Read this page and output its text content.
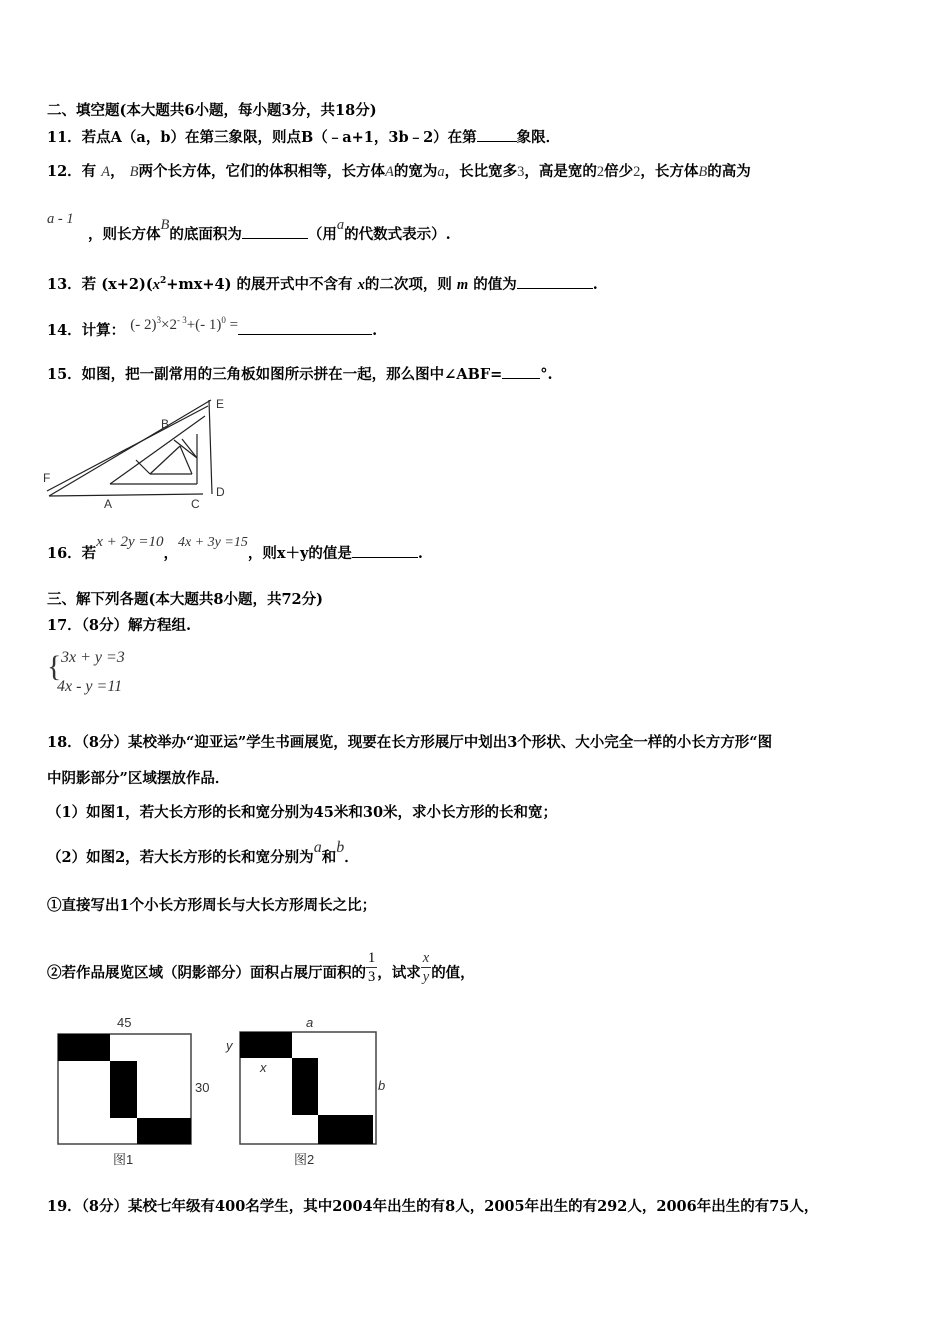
二、填空题(本大题共6小题，每小题3分，共18分)
11．若点A（a，b）在第三象限，则点B（﹣a+1，3b﹣2）在第	象限．
12．有 A， B两个长方体，它们的体积相等，长方体A的宽为a，长比宽多3，高是宽的2倍少2，长方体B的高为
a - 1
，则长方体B的底面积为	（用a的代数式表示）.
13．若 $(x+2)(x^2+mx+4)$ 的展开式中不含有 x的二次项，则 m 的值为	.
14．计算： (- $2)^3\times 2^{- 3}+(-$ 1)$^0$ =	.
15．如图，把一副常用的三角板如图所示拼在一起，那么图中∠ABF=	°.
E
B
F
A	C
D
16．若x + 2y =10，4x + 3y =15，则x＋y的值是	.
三、解下列各题(本大题共8小题，共72分)
17．（8分）解方程组.
{ 3x + y =3
4x - y =11
18．（8分）某校举办“迎亚运”学生书画展览，现要在长方形展厅中划出3个形状、大小完全一样的小长方方形“图
中阴影部分”区域摆放作品．
（1）如图1，若大长方形的长和宽分别为45米和30米，求小长方形的长和宽；
（2）如图2，若大长方形的长和宽分别为a和b．
①直接写出1个小长方形周长与大长方形周长之比；
②若作品展览区域（阴影部分）面积占展厅面积的 $\frac{1}{3}$ ，试求 $\frac{x}{y}$ 的值，
45
30
图1
a
y
x
b
图2
19．（8分）某校七年级有400名学生，其中2004年出生的有8人，2005年出生的有292人，2006年出生的有75人，
